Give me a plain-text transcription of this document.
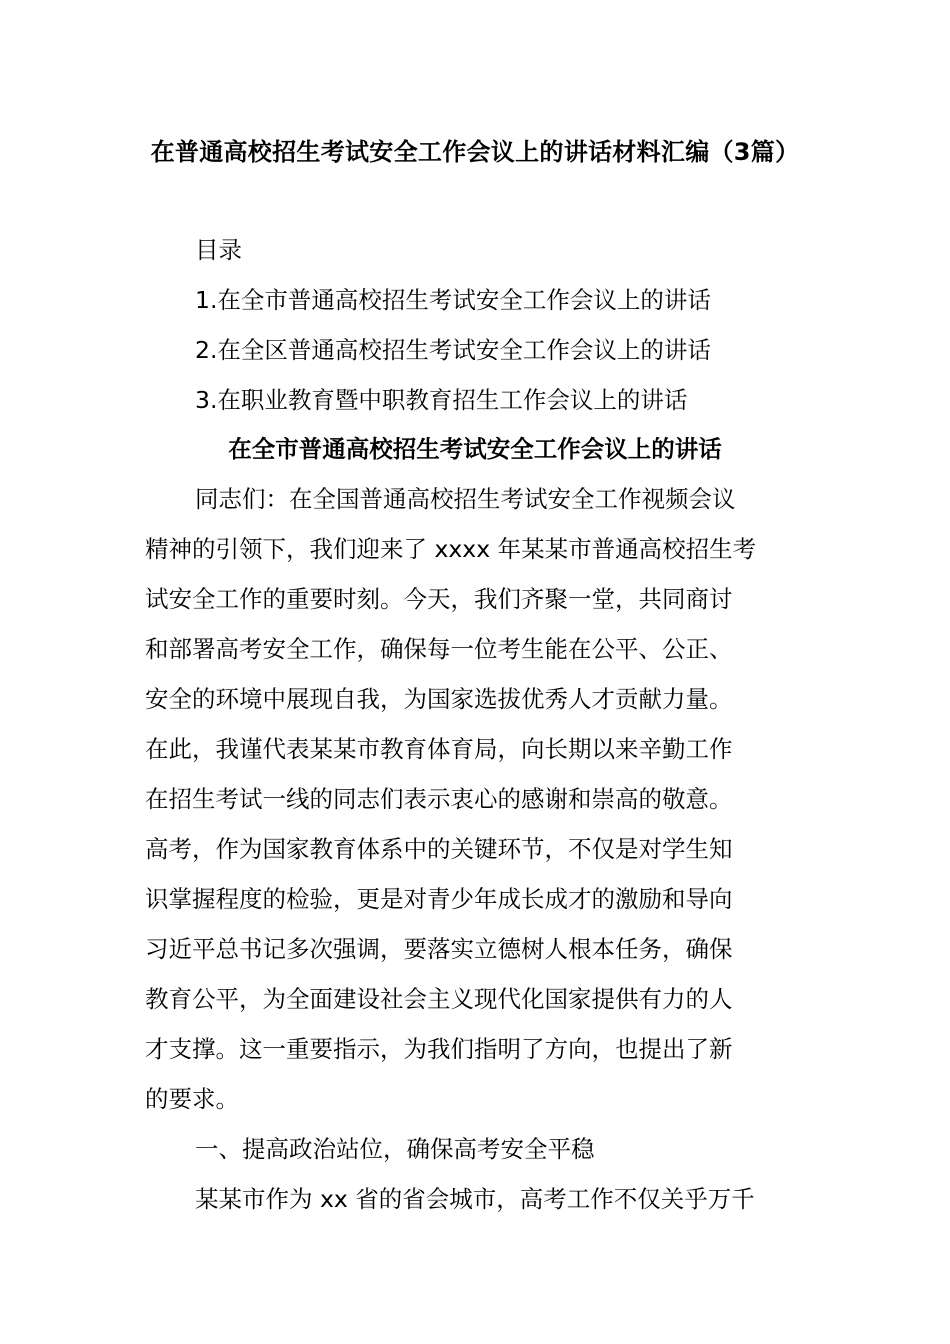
在普通高校招生考试安全工作会议上的讲话材料汇编（3篇）

目录

1.在全市普通高校招生考试安全工作会议上的讲话

2.在全区普通高校招生考试安全工作会议上的讲话

3.在职业教育暨中职教育招生工作会议上的讲话

在全市普通高校招生考试安全工作会议上的讲话

同志们：在全国普通高校招生考试安全工作视频会议

精神的引领下，我们迎来了 xxxx 年某某市普通高校招生考

试安全工作的重要时刻。今天，我们齐聚一堂，共同商讨

和部署高考安全工作，确保每一位考生能在公平、公正、

安全的环境中展现自我，为国家选拔优秀人才贡献力量。

在此，我谨代表某某市教育体育局，向长期以来辛勤工作

在招生考试一线的同志们表示衷心的感谢和崇高的敬意。

高考，作为国家教育体系中的关键环节，不仅是对学生知

识掌握程度的检验，更是对青少年成长成才的激励和导向

习近平总书记多次强调，要落实立德树人根本任务，确保

教育公平，为全面建设社会主义现代化国家提供有力的人

才支撑。这一重要指示，为我们指明了方向，也提出了新

的要求。

一、提高政治站位，确保高考安全平稳

某某市作为 xx 省的省会城市，高考工作不仅关乎万千
